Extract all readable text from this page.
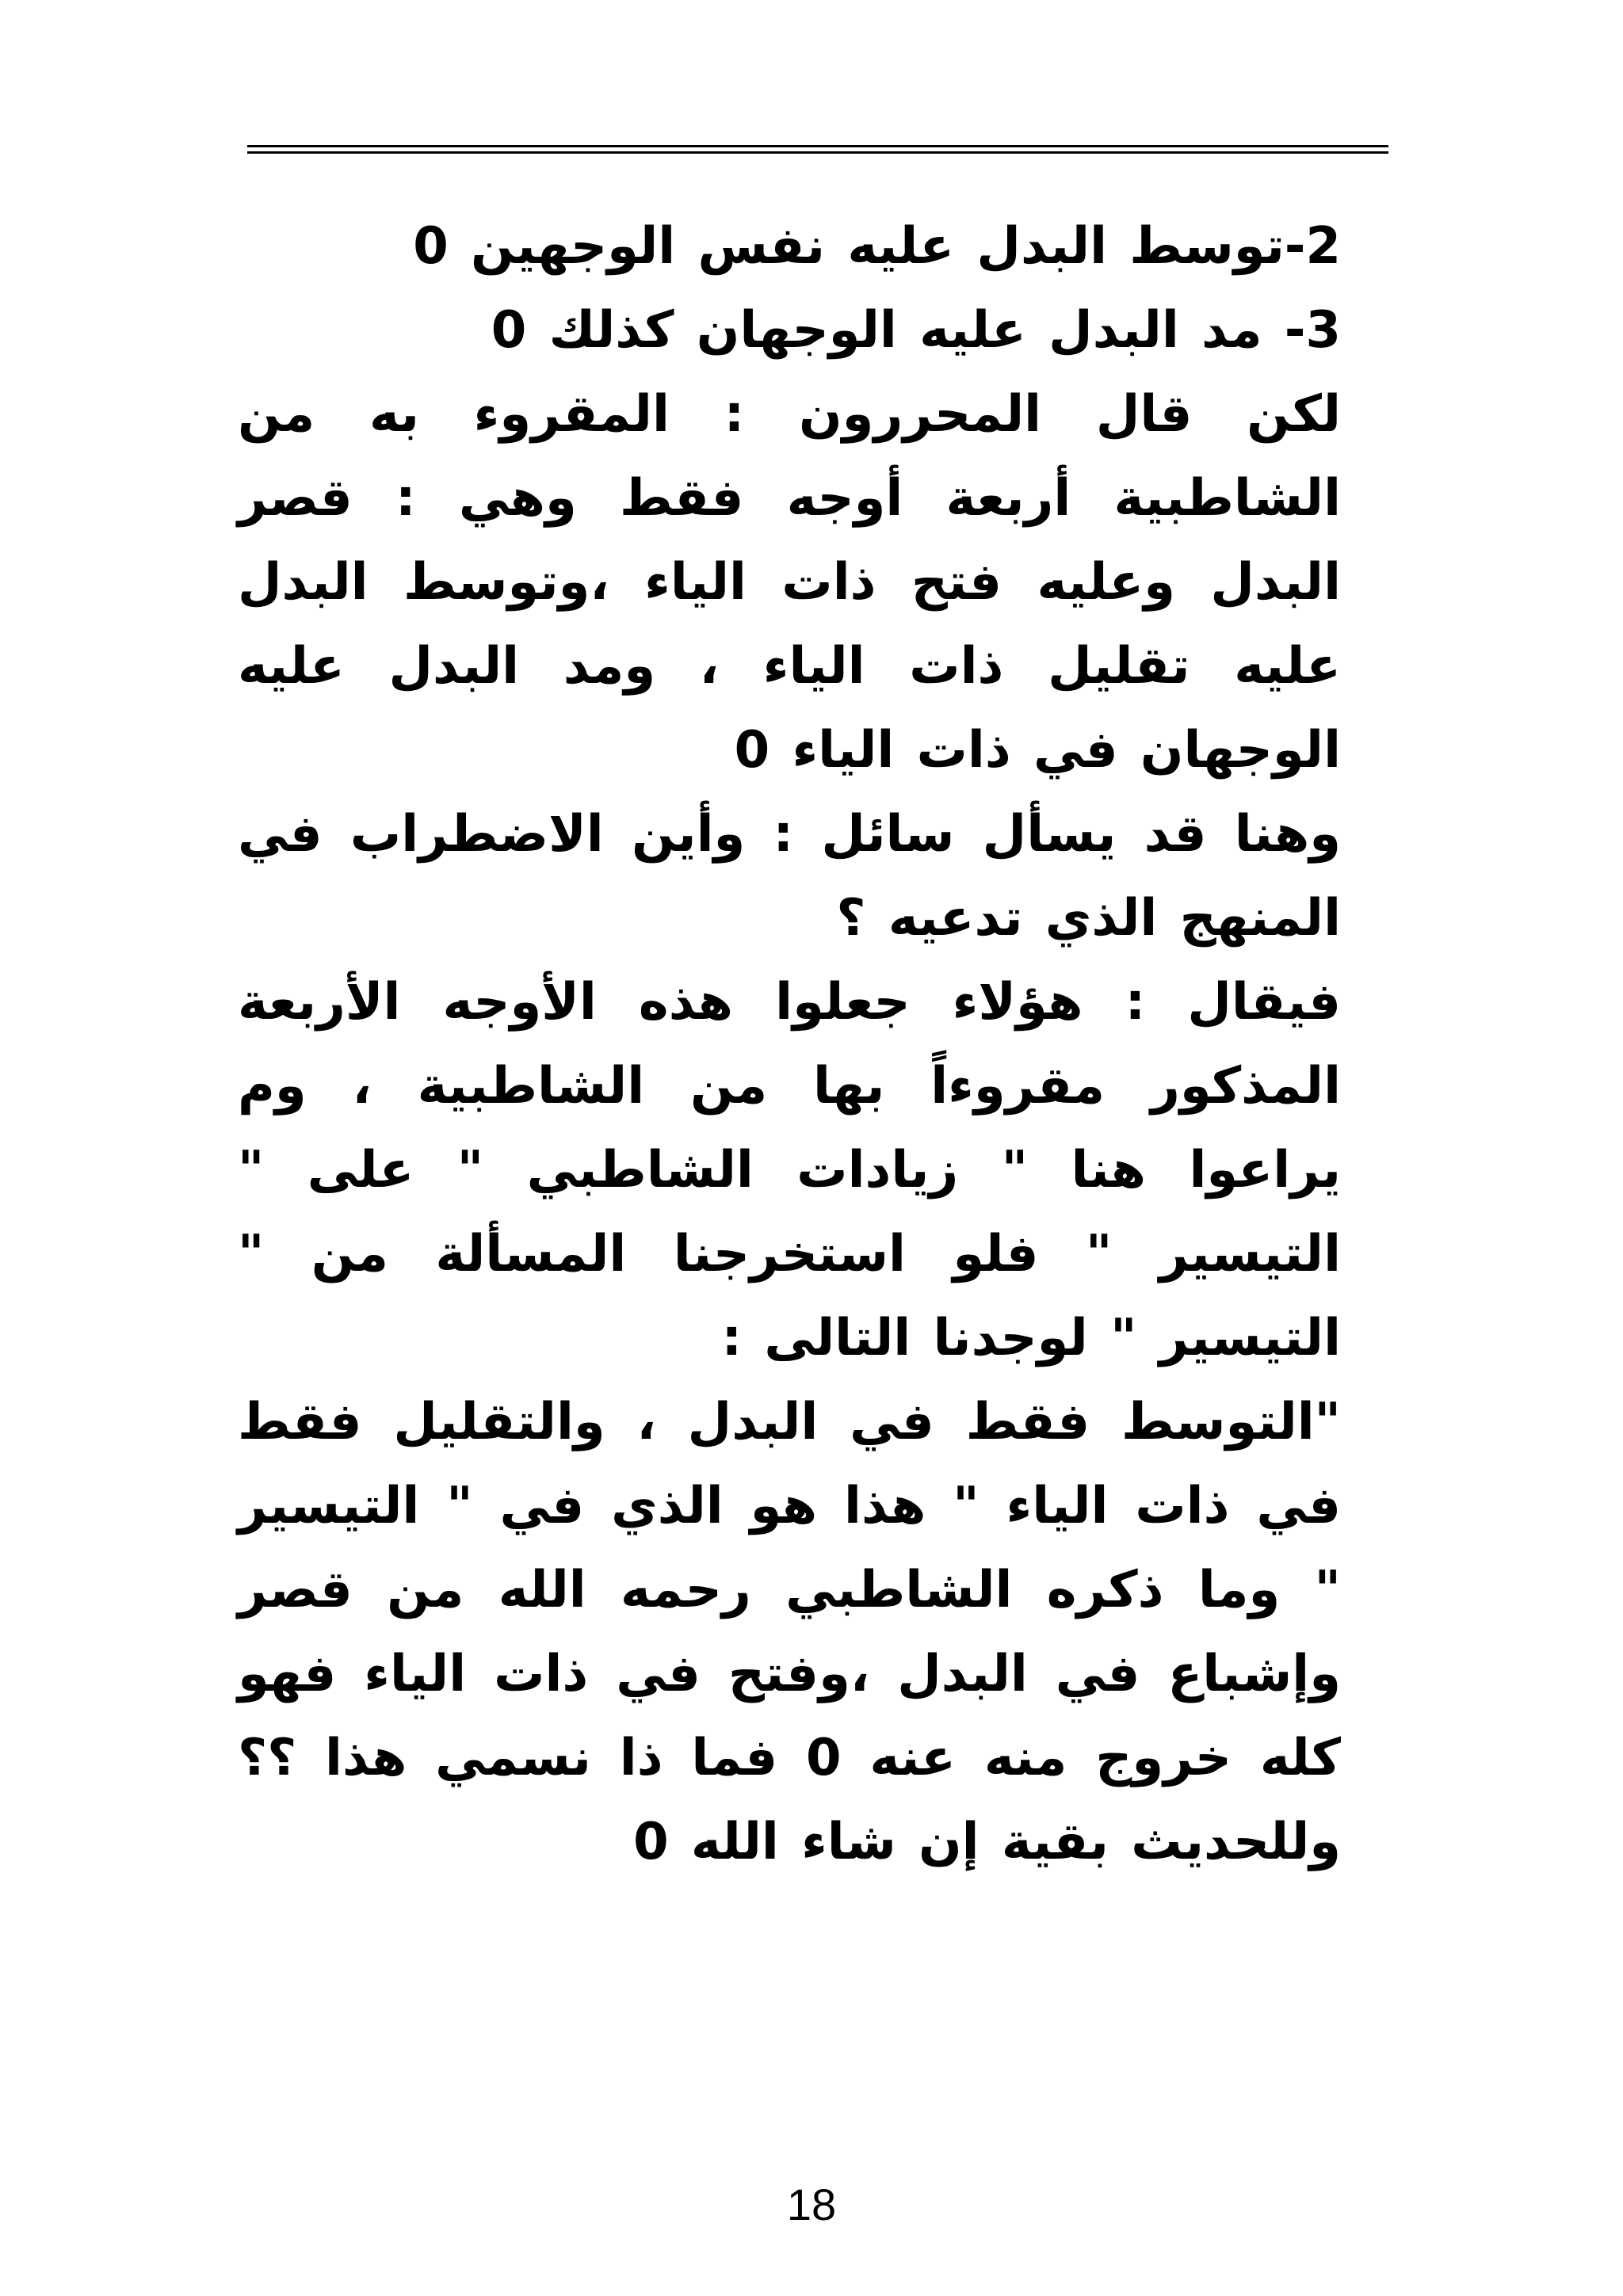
2-توسط البدل عليه نفس الوجهين 0

3- مد البدل عليه الوجهان كذلك 0

لكن قال المحررون : المقروء به من الشاطبية أربعة أوجه فقط وهي : قصر البدل وعليه فتح ذات الياء ،وتوسط البدل عليه تقليل ذات الياء ، ومد البدل عليه الوجهان في ذات الياء 0

وهنا قد يسأل سائل : وأين الاضطراب في المنهج الذي تدعيه ؟

فيقال : هؤلاء جعلوا هذه الأوجه الأربعة المذكور مقروءاً بها من الشاطبية ، وم يراعوا هنا " زيادات الشاطبي " على " التيسير " فلو استخرجنا المسألة من " التيسير " لوجدنا التالى :

"التوسط فقط في البدل ، والتقليل فقط في ذات الياء " هذا هو الذي في " التيسير " وما ذكره الشاطبي رحمه الله من قصر وإشباع في البدل ،وفتح في ذات الياء فهو كله خروج منه عنه 0 فما ذا نسمي هذا ؟؟ وللحديث بقية إن شاء الله 0

18
